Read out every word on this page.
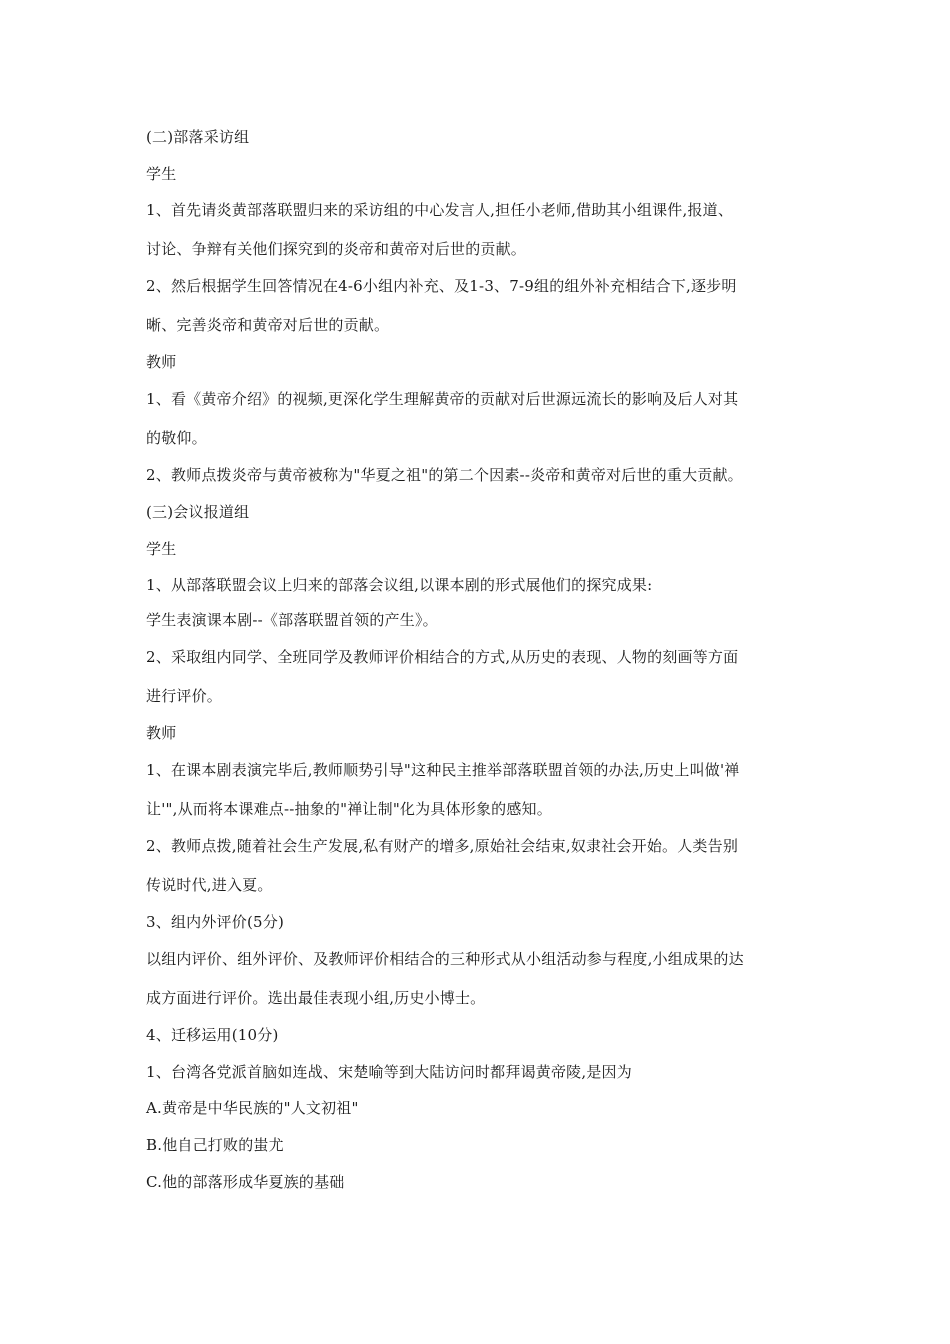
(二)部落采访组
学生
1、首先请炎黄部落联盟归来的采访组的中心发言人,担任小老师,借助其小组课件,报道、
讨论、争辩有关他们探究到的炎帝和黄帝对后世的贡献。
2、然后根据学生回答情况在4-6小组内补充、及1-3、7-9组的组外补充相结合下,逐步明
晰、完善炎帝和黄帝对后世的贡献。
教师
1、看《黄帝介绍》的视频,更深化学生理解黄帝的贡献对后世源远流长的影响及后人对其
的敬仰。
2、教师点拨炎帝与黄帝被称为"华夏之祖"的第二个因素--炎帝和黄帝对后世的重大贡献。
(三)会议报道组
学生
1、从部落联盟会议上归来的部落会议组,以课本剧的形式展他们的探究成果:
学生表演课本剧--《部落联盟首领的产生》。
2、采取组内同学、全班同学及教师评价相结合的方式,从历史的表现、人物的刻画等方面
进行评价。
教师
1、在课本剧表演完毕后,教师顺势引导"这种民主推举部落联盟首领的办法,历史上叫做'禅
让'",从而将本课难点--抽象的"禅让制"化为具体形象的感知。
2、教师点拨,随着社会生产发展,私有财产的增多,原始社会结束,奴隶社会开始。人类告别
传说时代,进入夏。
3、组内外评价(5分)
以组内评价、组外评价、及教师评价相结合的三种形式从小组活动参与程度,小组成果的达
成方面进行评价。选出最佳表现小组,历史小博士。
4、迁移运用(10分)
1、台湾各党派首脑如连战、宋楚喻等到大陆访问时都拜谒黄帝陵,是因为
A.黄帝是中华民族的"人文初祖"
B.他自己打败的蚩尤
C.他的部落形成华夏族的基础
